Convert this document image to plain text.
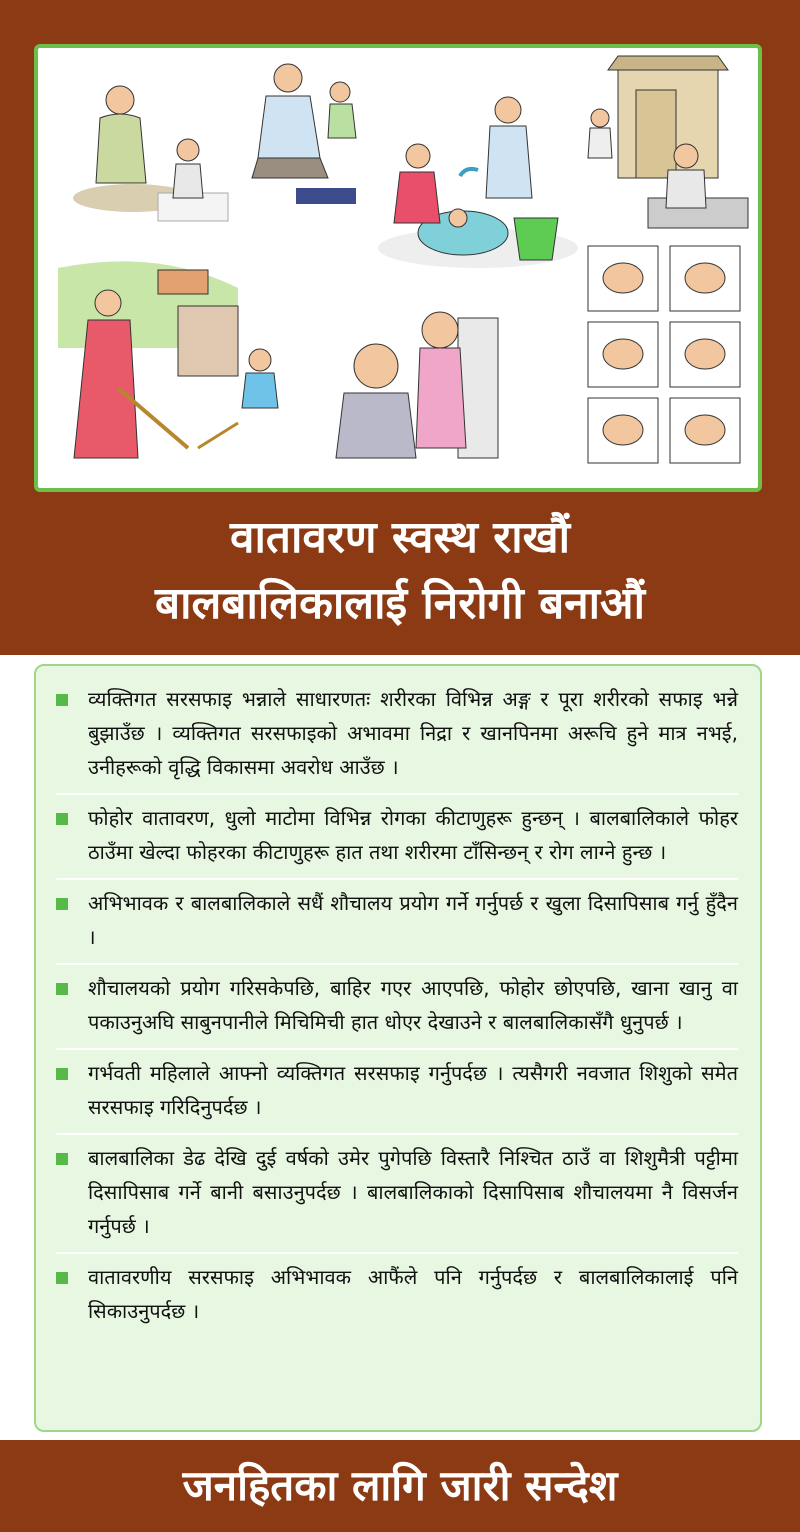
वातावरण स्वस्थ राखौं
बालबालिकालाई निरोगी बनाऔं
व्यक्तिगत सरसफाइ भन्नाले साधारणतः शरीरका विभिन्न अङ्ग र पूरा शरीरको सफाइ भन्ने बुझाउँछ । व्यक्तिगत सरसफाइको अभावमा निद्रा र खानपिनमा अरूचि हुने मात्र नभई, उनीहरूको वृद्धि विकासमा अवरोध आउँछ ।
फोहोर वातावरण, धुलो माटोमा विभिन्न रोगका कीटाणुहरू हुन्छन् । बालबालिकाले फोहर ठाउँमा खेल्दा फोहरका कीटाणुहरू हात तथा शरीरमा टाँसिन्छन् र रोग लाग्ने हुन्छ ।
अभिभावक र बालबालिकाले सधैं शौचालय प्रयोग गर्ने गर्नुपर्छ र खुला दिसापिसाब गर्नु हुँदैन ।
शौचालयको प्रयोग गरिसकेपछि, बाहिर गएर आएपछि, फोहोर छोएपछि, खाना खानु वा पकाउनुअघि साबुनपानीले मिचिमिची हात धोएर देखाउने र बालबालिकासँगै धुनुपर्छ ।
गर्भवती महिलाले आफ्नो व्यक्तिगत सरसफाइ गर्नुपर्दछ । त्यसैगरी नवजात शिशुको समेत सरसफाइ गरिदिनुपर्दछ ।
बालबालिका डेढ देखि दुई वर्षको उमेर पुगेपछि विस्तारै निश्चित ठाउँ वा शिशुमैत्री पट्टीमा दिसापिसाब गर्ने बानी बसाउनुपर्दछ । बालबालिकाको दिसापिसाब शौचालयमा नै विसर्जन गर्नुपर्छ ।
वातावरणीय सरसफाइ अभिभावक आफैंले पनि गर्नुपर्दछ र बालबालिकालाई पनि सिकाउनुपर्दछ ।
जनहितका लागि जारी सन्देश
